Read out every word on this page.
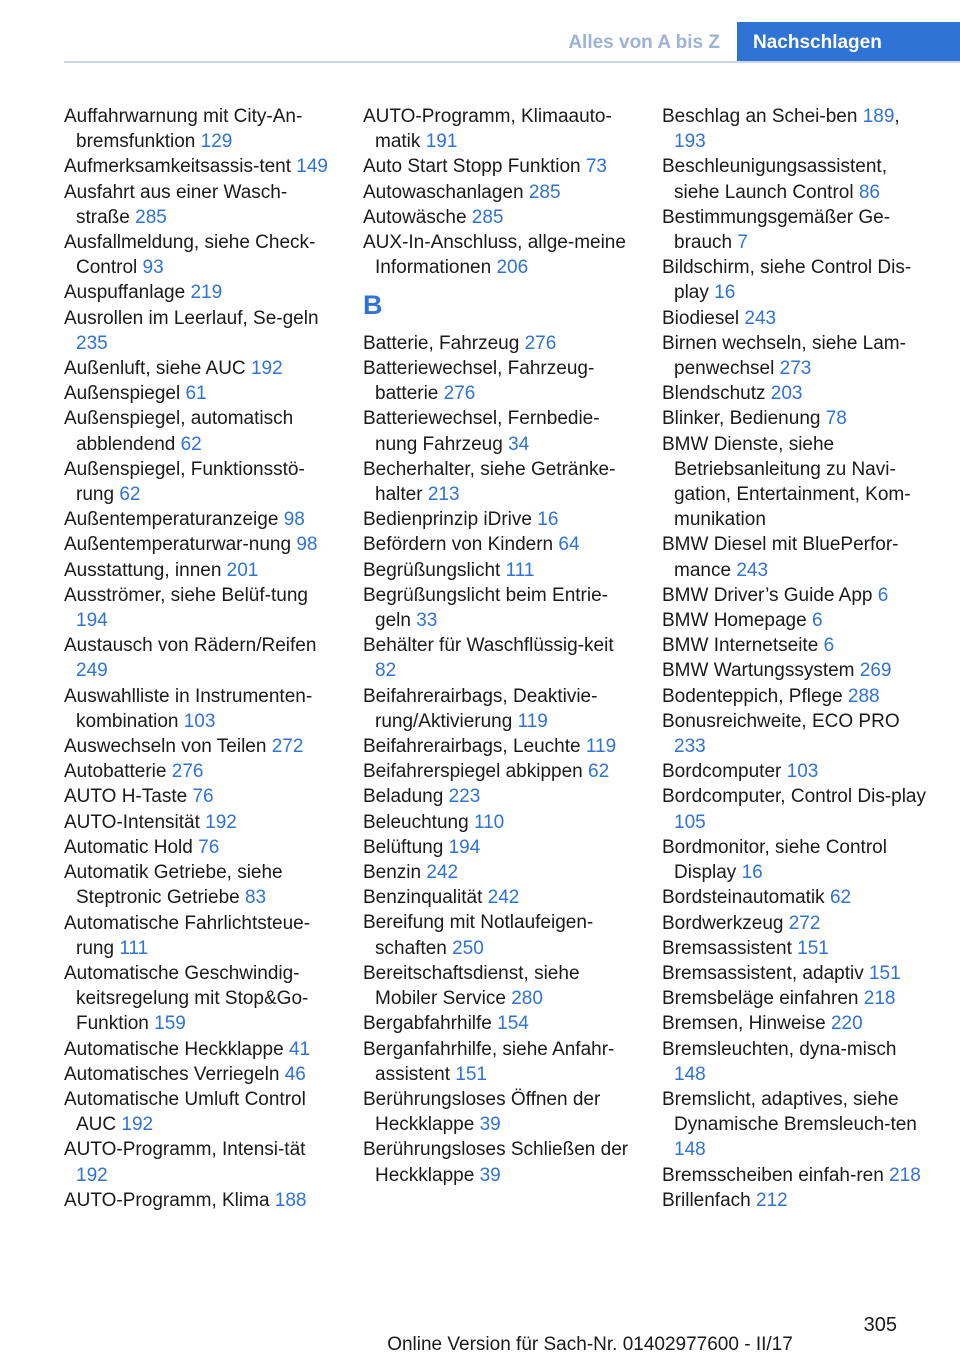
Alles von A bis Z	Nachschlagen
Auffahrwarnung mit City-An-bremsfunktion 129
Aufmerksamkeitsassis-tent 149
Ausfahrt aus einer Wasch-straße 285
Ausfallmeldung, siehe Check-Control 93
Auspuffanlage 219
Ausrollen im Leerlauf, Se-geln 235
Außenluft, siehe AUC 192
Außenspiegel 61
Außenspiegel, automatisch abblendend 62
Außenspiegel, Funktionsstö-rung 62
Außentemperaturanzeige 98
Außentemperaturwar-nung 98
Ausstattung, innen 201
Ausströmer, siehe Belüf-tung 194
Austausch von Rädern/Reifen 249
Auswahlliste in Instrumenten-kombination 103
Auswechseln von Teilen 272
Autobatterie 276
AUTO H-Taste 76
AUTO-Intensität 192
Automatic Hold 76
Automatik Getriebe, siehe Steptronic Getriebe 83
Automatische Fahrlichtsteue-rung 111
Automatische Geschwindig-keitsregelung mit Stop&Go-Funktion 159
Automatische Heckklappe 41
Automatisches Verriegeln 46
Automatische Umluft Control AUC 192
AUTO-Programm, Intensi-tät 192
AUTO-Programm, Klima 188
AUTO-Programm, Klimaauto-matik 191
Auto Start Stopp Funktion 73
Autowaschanlagen 285
Autowäsche 285
AUX-In-Anschluss, allge-meine Informationen 206
B
Batterie, Fahrzeug 276
Batteriewechsel, Fahrzeug-batterie 276
Batteriewechsel, Fernbedie-nung Fahrzeug 34
Becherhalter, siehe Getränke-halter 213
Bedienprinzip iDrive 16
Befördern von Kindern 64
Begrüßungslicht 111
Begrüßungslicht beim Entrie-geln 33
Behälter für Waschflüssig-keit 82
Beifahrerairbags, Deaktivie-rung/Aktivierung 119
Beifahrerairbags, Leuchte 119
Beifahrerspiegel abkippen 62
Beladung 223
Beleuchtung 110
Belüftung 194
Benzin 242
Benzinqualität 242
Bereifung mit Notlaufeigen-schaften 250
Bereitschaftsdienst, siehe Mobiler Service 280
Bergabfahrhilfe 154
Berganfahrhilfe, siehe Anfahr-assistent 151
Berührungsloses Öffnen der Heckklappe 39
Berührungsloses Schließen der Heckklappe 39
Beschlag an Schei-ben 189, 193
Beschleunigungsassistent, siehe Launch Control 86
Bestimmungsgemäßer Ge-brauch 7
Bildschirm, siehe Control Dis-play 16
Biodiesel 243
Birnen wechseln, siehe Lam-penwechsel 273
Blendschutz 203
Blinker, Bedienung 78
BMW Dienste, siehe Betriebsanleitung zu Navi-gation, Entertainment, Kom-munikation
BMW Diesel mit BluePerfor-mance 243
BMW Driver’s Guide App 6
BMW Homepage 6
BMW Internetseite 6
BMW Wartungssystem 269
Bodenteppich, Pflege 288
Bonusreichweite, ECO PRO 233
Bordcomputer 103
Bordcomputer, Control Dis-play 105
Bordmonitor, siehe Control Display 16
Bordsteinautomatik 62
Bordwerkzeug 272
Bremsassistent 151
Bremsassistent, adaptiv 151
Bremsbeläge einfahren 218
Bremsen, Hinweise 220
Bremsleuchten, dyna-misch 148
Bremslicht, adaptives, siehe Dynamische Bremsleuch-ten 148
Bremsscheiben einfah-ren 218
Brillenfach 212
305
Online Version für Sach-Nr. 01402977600 - II/17
